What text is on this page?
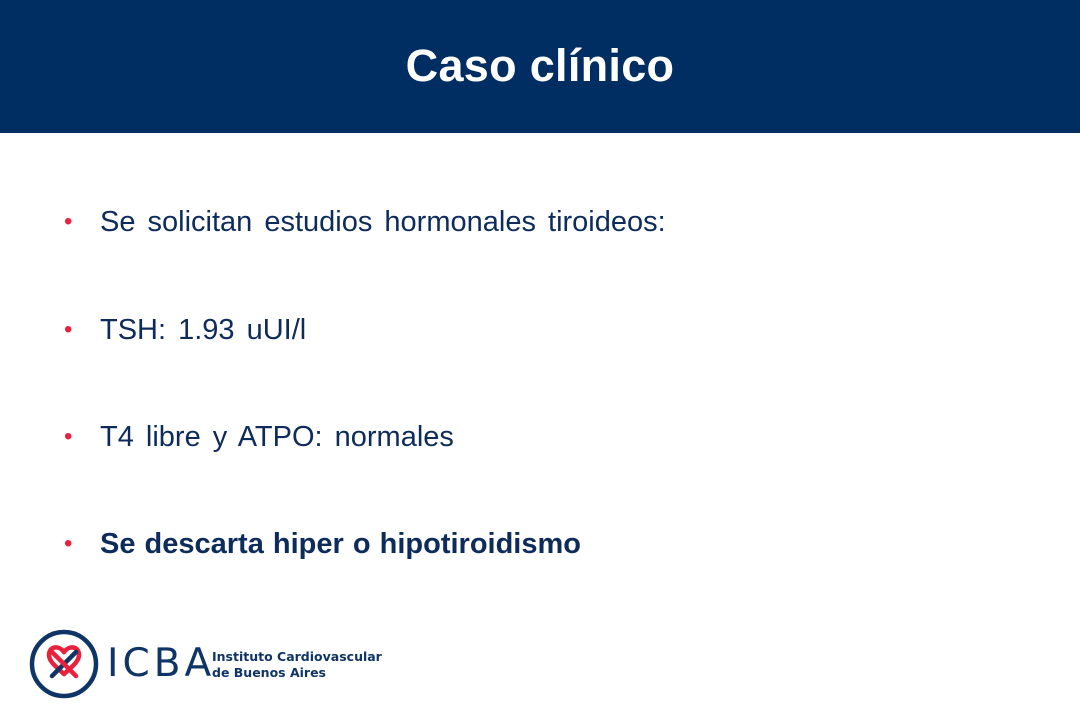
Caso clínico
• Se solicitan estudios hormonales tiroideos:
• TSH: 1.93 uUI/l
• T4 libre y ATPO: normales
• Se descarta hiper o hipotiroidismo
ICBA
Instituto Cardiovascular
de Buenos Aires
